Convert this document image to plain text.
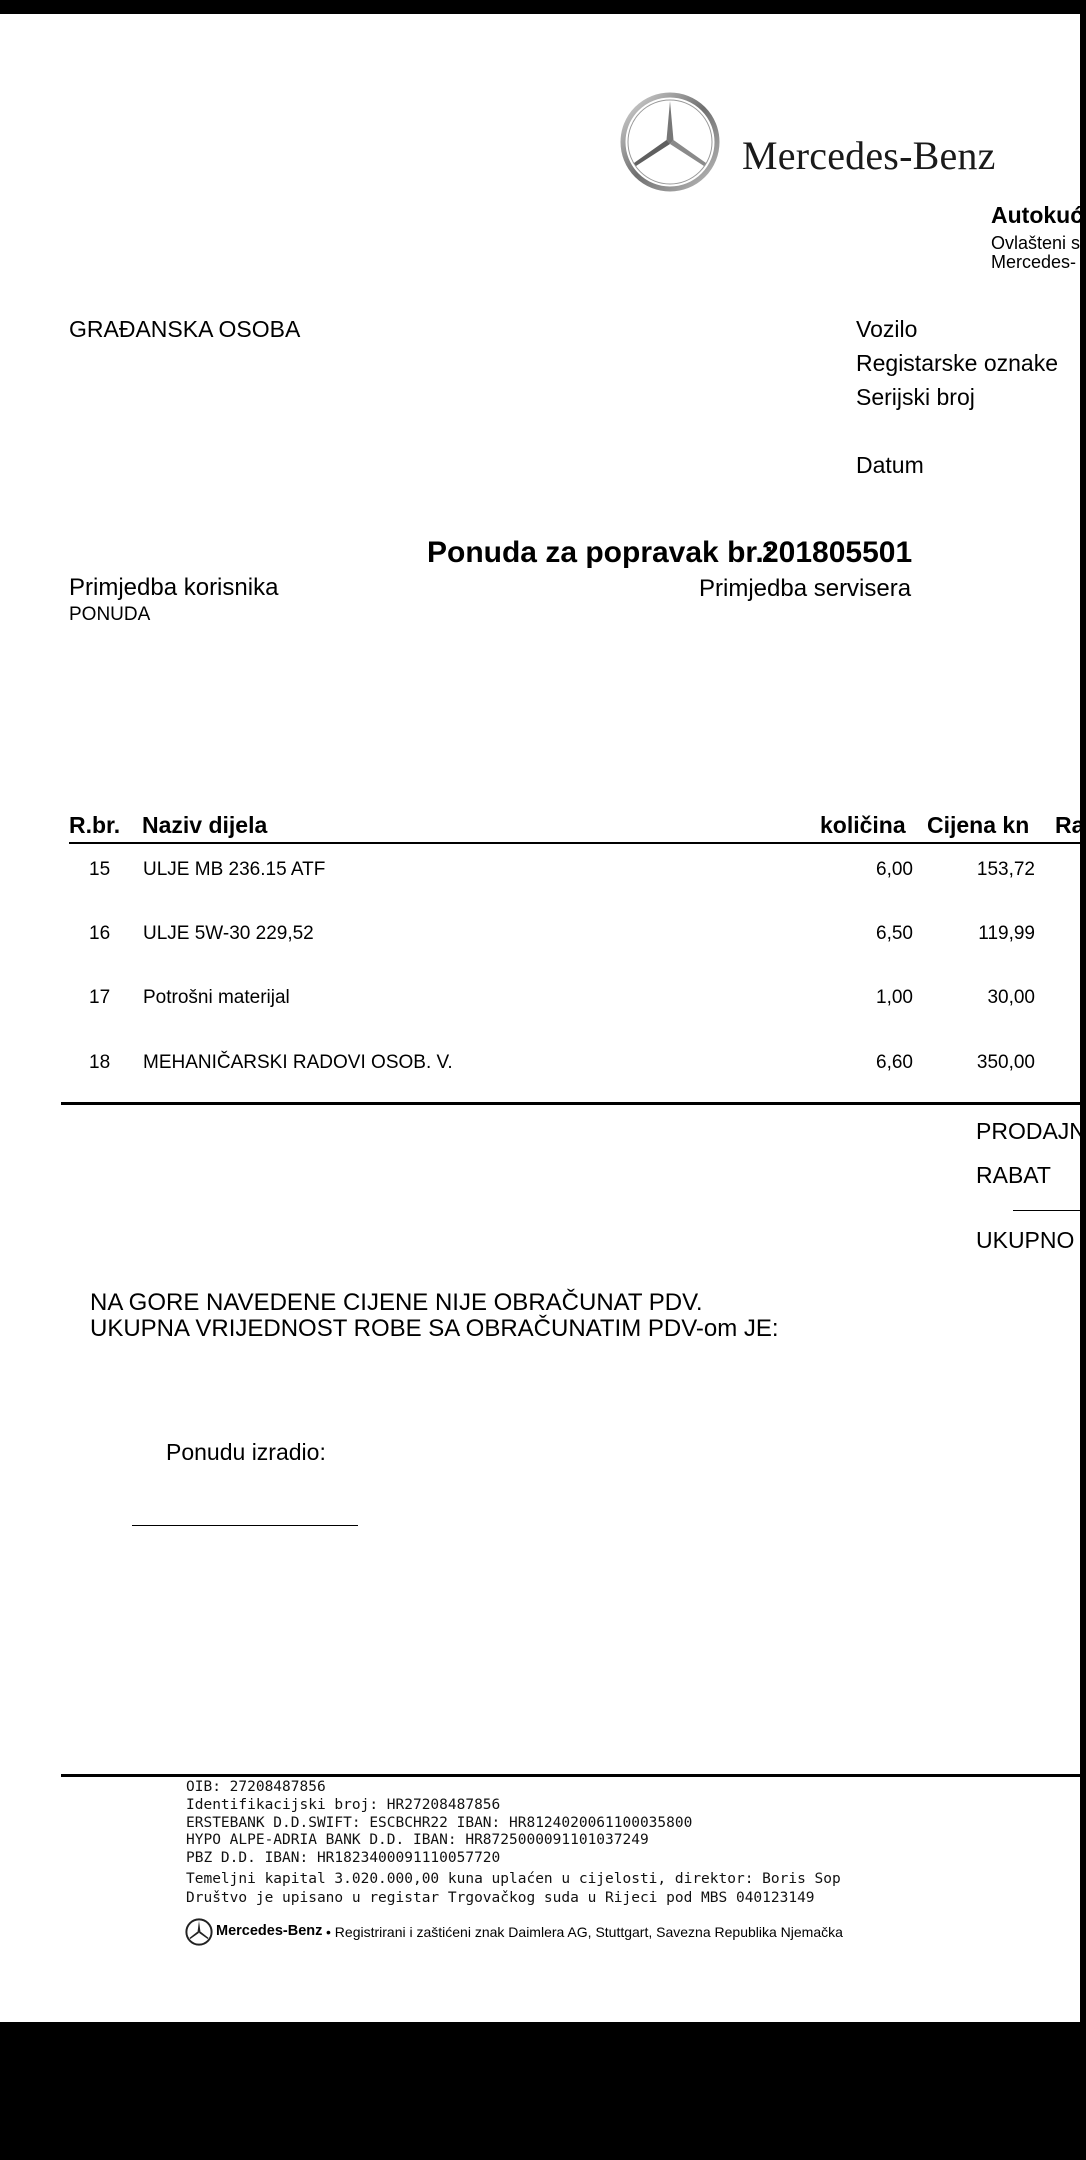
Mercedes-Benz
Autokuć
Ovlašteni s
Mercedes-
GRAĐANSKA OSOBA	Vozilo
Registarske oznake
Serijski broj
Datum
Ponuda za popravak br.:
201805501
Primjedba korisnika
PONUDA
Primjedba servisera
R.br. Naziv dijela	količina Cijena kn Ra
15 ULJE MB 236.15 ATF	6,00	153,72
16 ULJE 5W-30 229,52	6,50	119,99
17 Potrošni materijal	1,00	30,00
18 MEHANIČARSKI RADOVI OSOB. V.	6,60	350,00
PRODAJN
RABAT
UKUPNO
NA GORE NAVEDENE CIJENE NIJE OBRAČUNAT PDV.
UKUPNA VRIJEDNOST ROBE SA OBRAČUNATIM PDV-om JE:
Ponudu izradio:
OIB: 27208487856
Identifikacijski broj: HR27208487856
ERSTEBANK D.D.SWIFT: ESCBCHR22 IBAN: HR8124020061100035800
HYPO ALPE-ADRIA BANK D.D. IBAN: HR8725000091101037249
PBZ D.D. IBAN: HR1823400091110057720
Temeljni kapital 3.020.000,00 kuna uplaćen u cijelosti, direktor: Boris Sop
Društvo je upisano u registar Trgovačkog suda u Rijeci pod MBS 040123149
Mercedes-Benz • Registrirani i zaštićeni znak Daimlera AG, Stuttgart, Savezna Republika Njemačka
